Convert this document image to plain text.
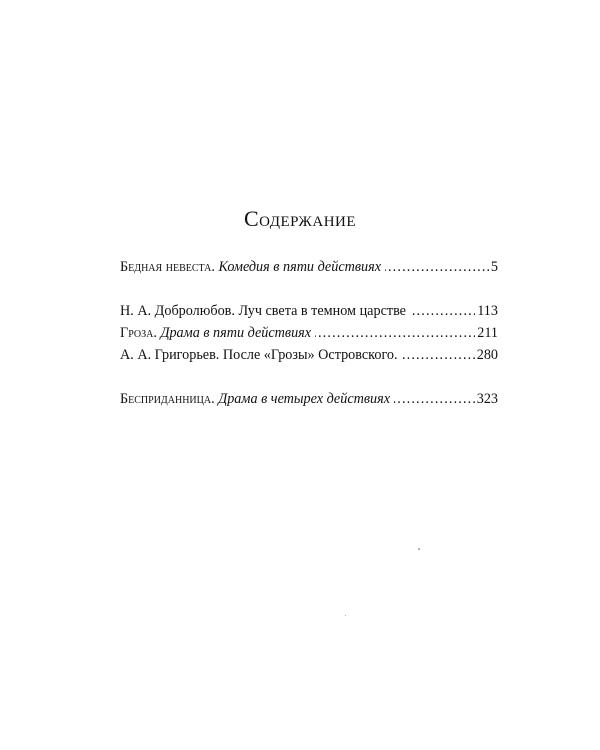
Содержание
Бедная невеста . Комедия в пяти действиях . . .	5
Н. А. Добролюбов . Луч света в темном царстве . . .	113
Гроза . Драма в пяти действиях . . .	211
А. А. Григорьев . После «Грозы» Островского. . . .	280
Бесприданница . Драма в четырех действиях . . .	323
